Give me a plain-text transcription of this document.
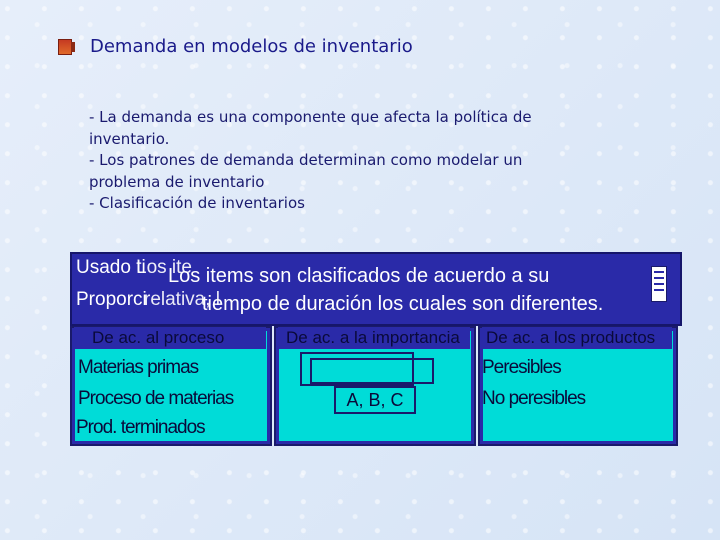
Demanda en modelos de inventario
- La demanda es una componente que afecta la política de
inventario.
- Los patrones de demanda determinan como modelar un
problema de inventario
- Clasificación de inventarios
Usado ti
Los ite
Los items son clasificados de acuerdo a su
Proporci
relativa, l
tiempo de duración los cuales son diferentes.
De ac. al proceso	De ac. a la importancia	De ac. a los productos
Materias primas
Proceso de materias
Prod. terminados
A, B, C
Peresibles
No peresibles
